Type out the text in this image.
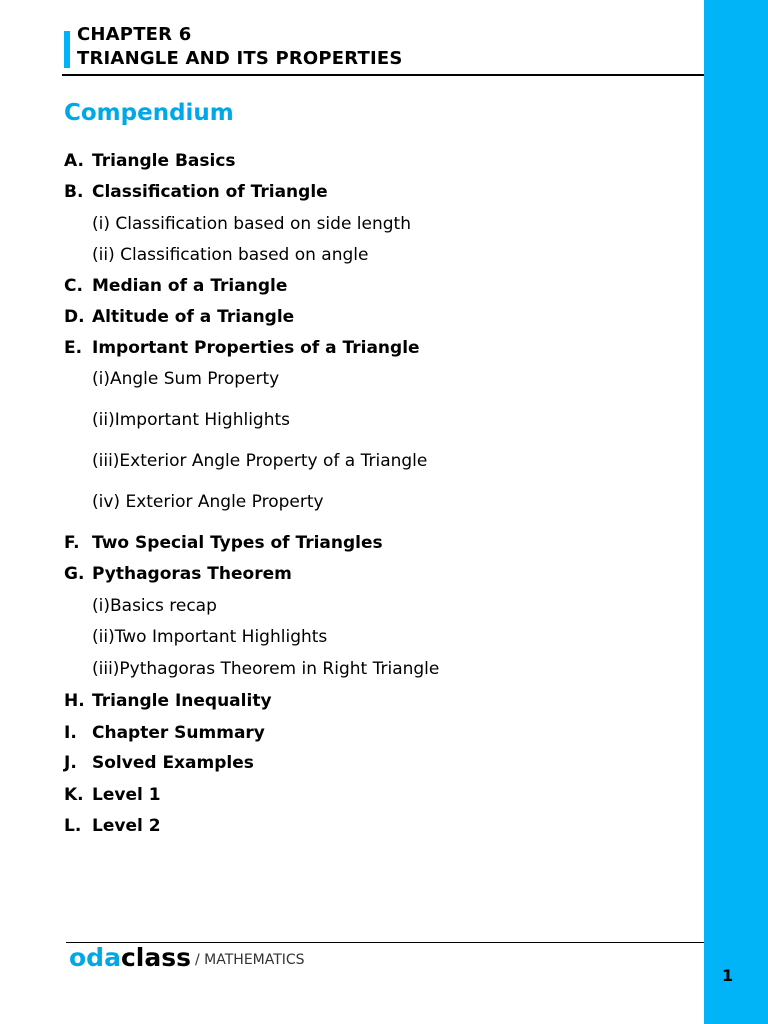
CHAPTER 6
TRIANGLE AND ITS PROPERTIES
Compendium
A. Triangle Basics
B. Classification of Triangle
(i) Classification based on side length
(ii) Classification based on angle
C. Median of a Triangle
D. Altitude of a Triangle
E. Important Properties of a Triangle
(i)Angle Sum Property
(ii)Important Highlights
(iii)Exterior Angle Property of a Triangle
(iv) Exterior Angle Property
F. Two Special Types of Triangles
G. Pythagoras Theorem
(i)Basics recap
(ii)Two Important Highlights
(iii)Pythagoras Theorem in Right Triangle
H. Triangle Inequality
I. Chapter Summary
J. Solved Examples
K. Level 1
L. Level 2
odaclass / MATHEMATICS
1
